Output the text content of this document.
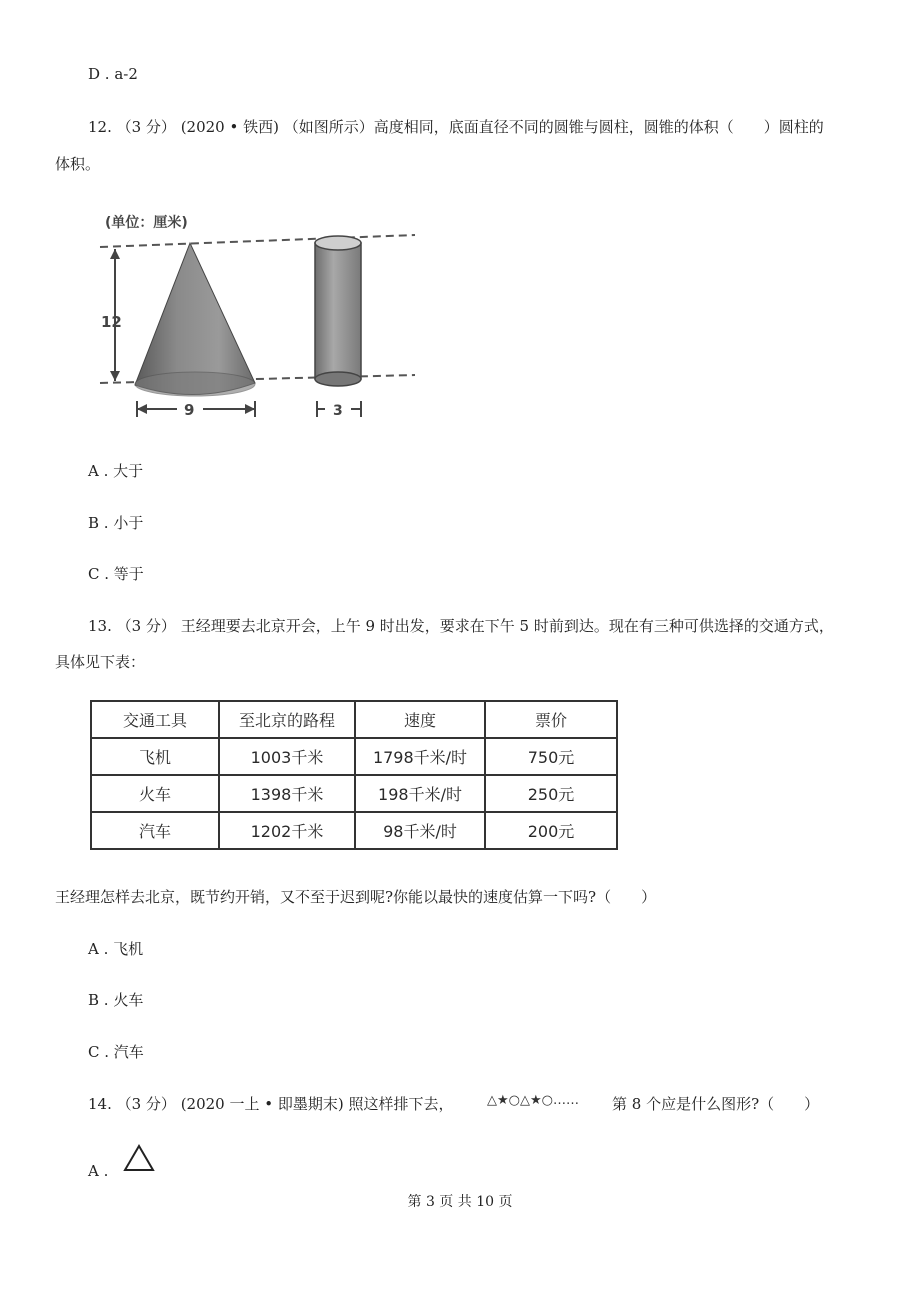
D . a-2
12. （3 分） (2020 • 铁西) （如图所示）高度相同，底面直径不同的圆锥与圆柱，圆锥的体积（　　）圆柱的
体积。
(单位：厘米)
12
9	3
A . 大于
B . 小于
C . 等于
13. （3 分） 王经理要去北京开会，上午 9 时出发，要求在下午 5 时前到达。现在有三种可供选择的交通方式，
具体见下表：
交通工具	至北京的路程	速度	票价
飞机	1003千米	1798千米/时	750元
火车	1398千米	198千米/时	250元
汽车	1202千米	98千米/时	200元
王经理怎样去北京，既节约开销，又不至于迟到呢?你能以最快的速度估算一下吗?（　　）
A . 飞机
B . 火车
C . 汽车
14. （3 分） (2020 一上 • 即墨期末) 照这样排下去，	△★○△★○…… 第 8 个应是什么图形?（　　）
A .
第 3 页 共 10 页
